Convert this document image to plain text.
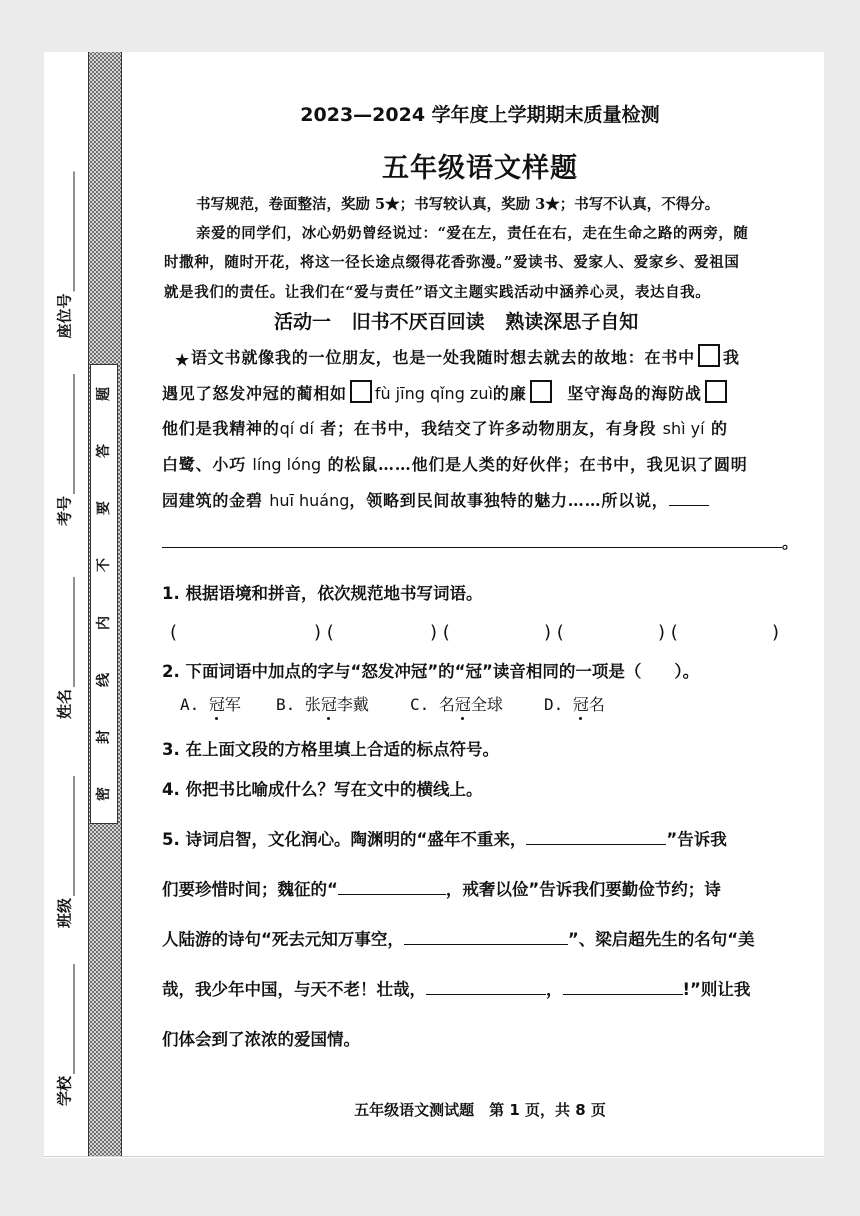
题
答
要
不
内
线
封
密
座位号
考号
姓名
班级
学校
2023—2024 学年度上学期期末质量检测
五年级语文样题
书写规范，卷面整洁，奖励 5★；书写较认真，奖励 3★；书写不认真，不得分。
亲爱的同学们，冰心奶奶曾经说过：“爱在左，责任在右，走在生命之路的两旁，随
时撒种，随时开花，将这一径长途点缀得花香弥漫。”爱读书、爱家人、爱家乡、爱祖国
就是我们的责任。让我们在“爱与责任”语文主题实践活动中涵养心灵，表达自我。
活动一 旧书不厌百回读 熟读深思子自知
★语文书就像我的一位朋友，也是一处我随时想去就去的故地：在书中 我
遇见了怒发冲冠的蔺相如 fù jīng qǐng zuì的廉	坚守海岛的海防战
他们是我精神的qí dí 者；在书中，我结交了许多动物朋友，有身段 shì yí 的
白鹭、小巧 líng lóng 的松鼠……他们是人类的好伙伴；在书中，我见识了圆明
园建筑的金碧 huī huáng，领略到民间故事独特的魅力……所以说，
。
1. 根据语境和拼音，依次规范地书写词语。
(	) (	) (	) (	) (	)
2. 下面词语中加点的字与“怒发冲冠”的“冠”读音相同的一项是（　　）。
A. 冠军 B. 张冠李戴	C. 名冠全球	D. 冠名
3. 在上面文段的方格里填上合适的标点符号。
4. 你把书比喻成什么？写在文中的横线上。
5. 诗词启智，文化润心。陶渊明的“盛年不重来，	”告诉我
们要珍惜时间；魏征的“	，戒奢以俭”告诉我们要勤俭节约；诗
人陆游的诗句“死去元知万事空，	”、梁启超先生的名句“美
哉，我少年中国，与天不老！壮哉，	，	!”则让我
们体会到了浓浓的爱国情。
五年级语文测试题　第 1 页，共 8 页
